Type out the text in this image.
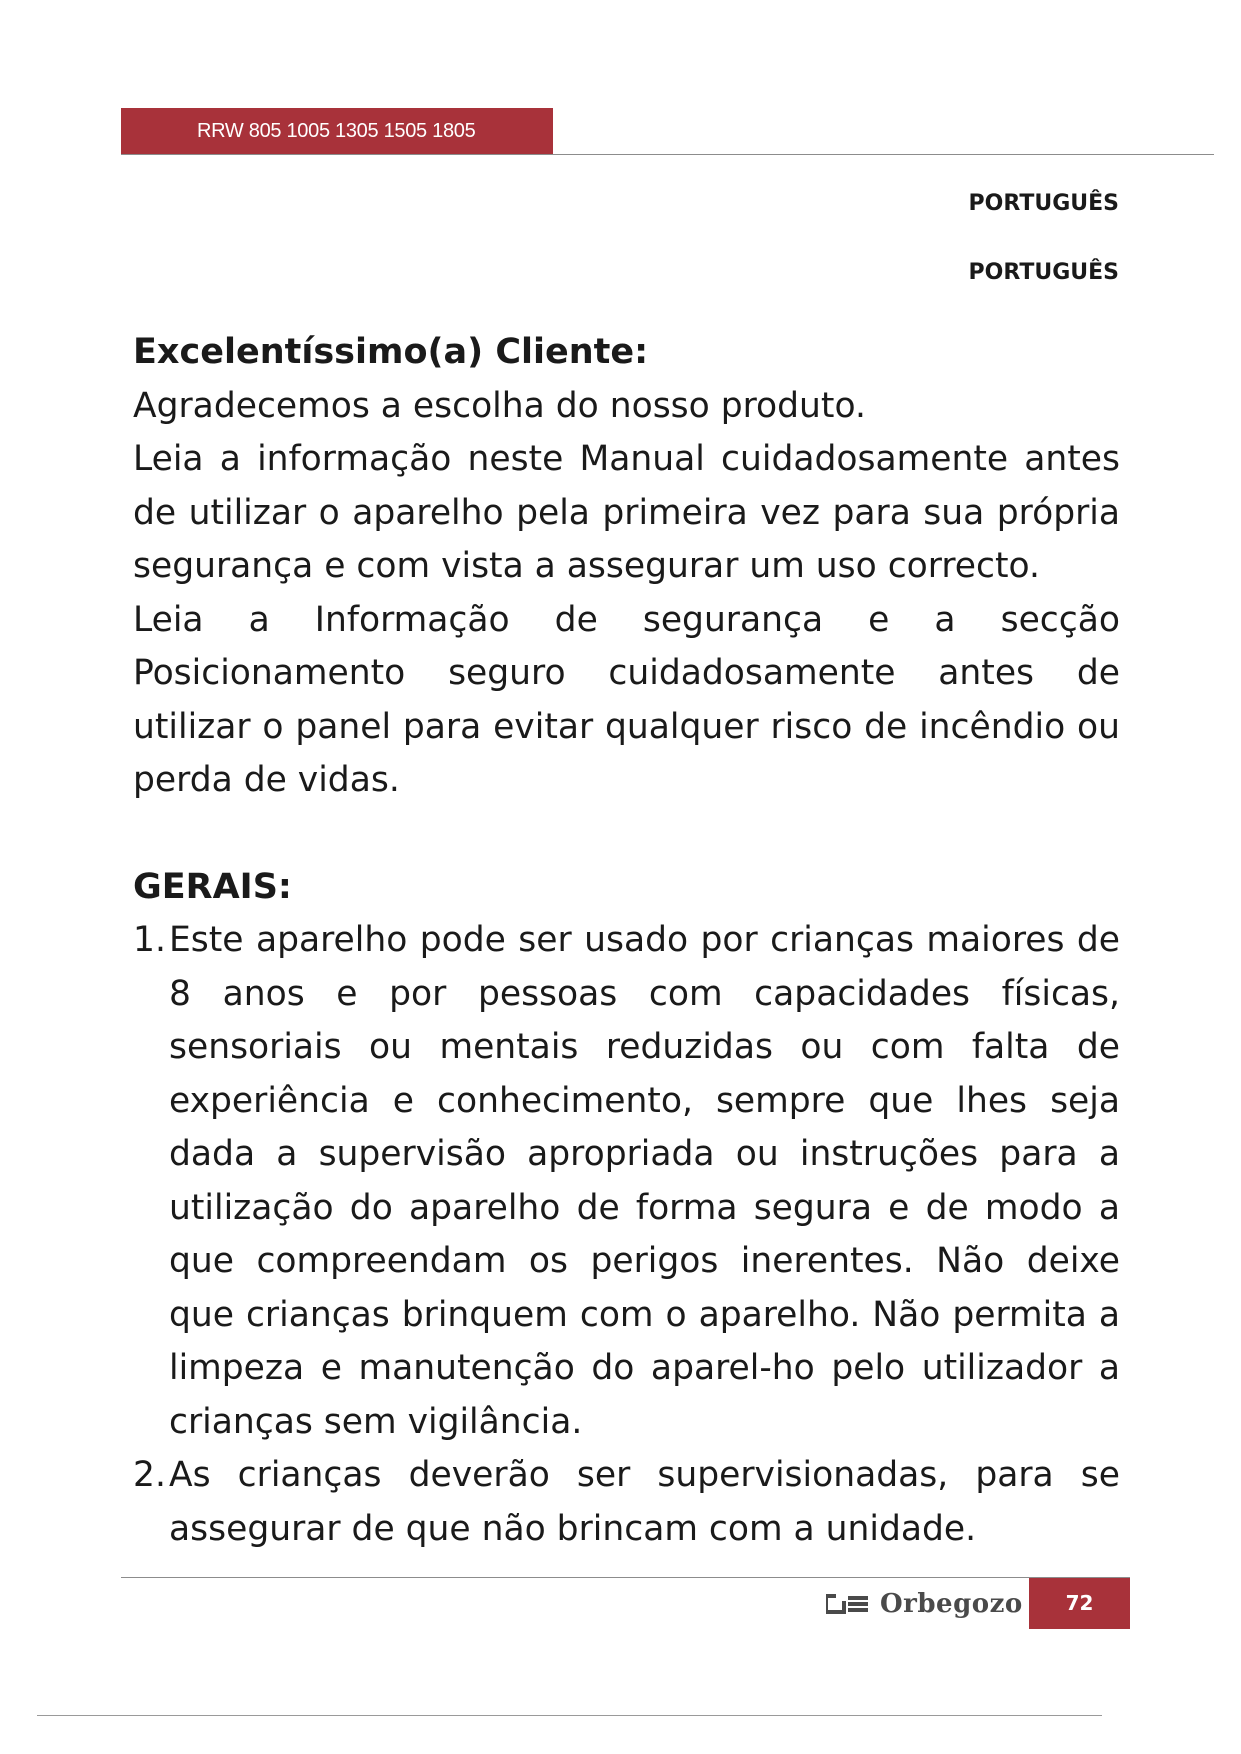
RRW 805 1005 1305 1505 1805
PORTUGUÊS
PORTUGUÊS

Excelentíssimo(a) Cliente:

Agradecemos a escolha do nosso produto.

Leia a informação neste Manual cuidadosamente antes de utilizar o aparelho pela primeira vez para sua própria segurança e com vista a assegurar um uso correcto.

Leia a Informação de segurança e a secção Posicionamento seguro cuidadosamente antes de utilizar o panel para evitar qualquer risco de incêndio ou perda de vidas.

GERAIS:

1. Este aparelho pode ser usado por crianças maiores de 8 anos e por pessoas com capacidades físicas, sensoriais ou mentais reduzidas ou com falta de experiência e conhecimento, sempre que lhes seja dada a supervisão apropriada ou instruções para a utilização do aparelho de forma segura e de modo a que compreendam os perigos inerentes. Não deixe que crianças brinquem com o aparelho. Não permita a limpeza e manutenção do aparel-ho pelo utilizador a crianças sem vigilância.
2. As crianças deverão ser supervisionadas, para se assegurar de que não brincam com a unidade.
Orbegozo	72
